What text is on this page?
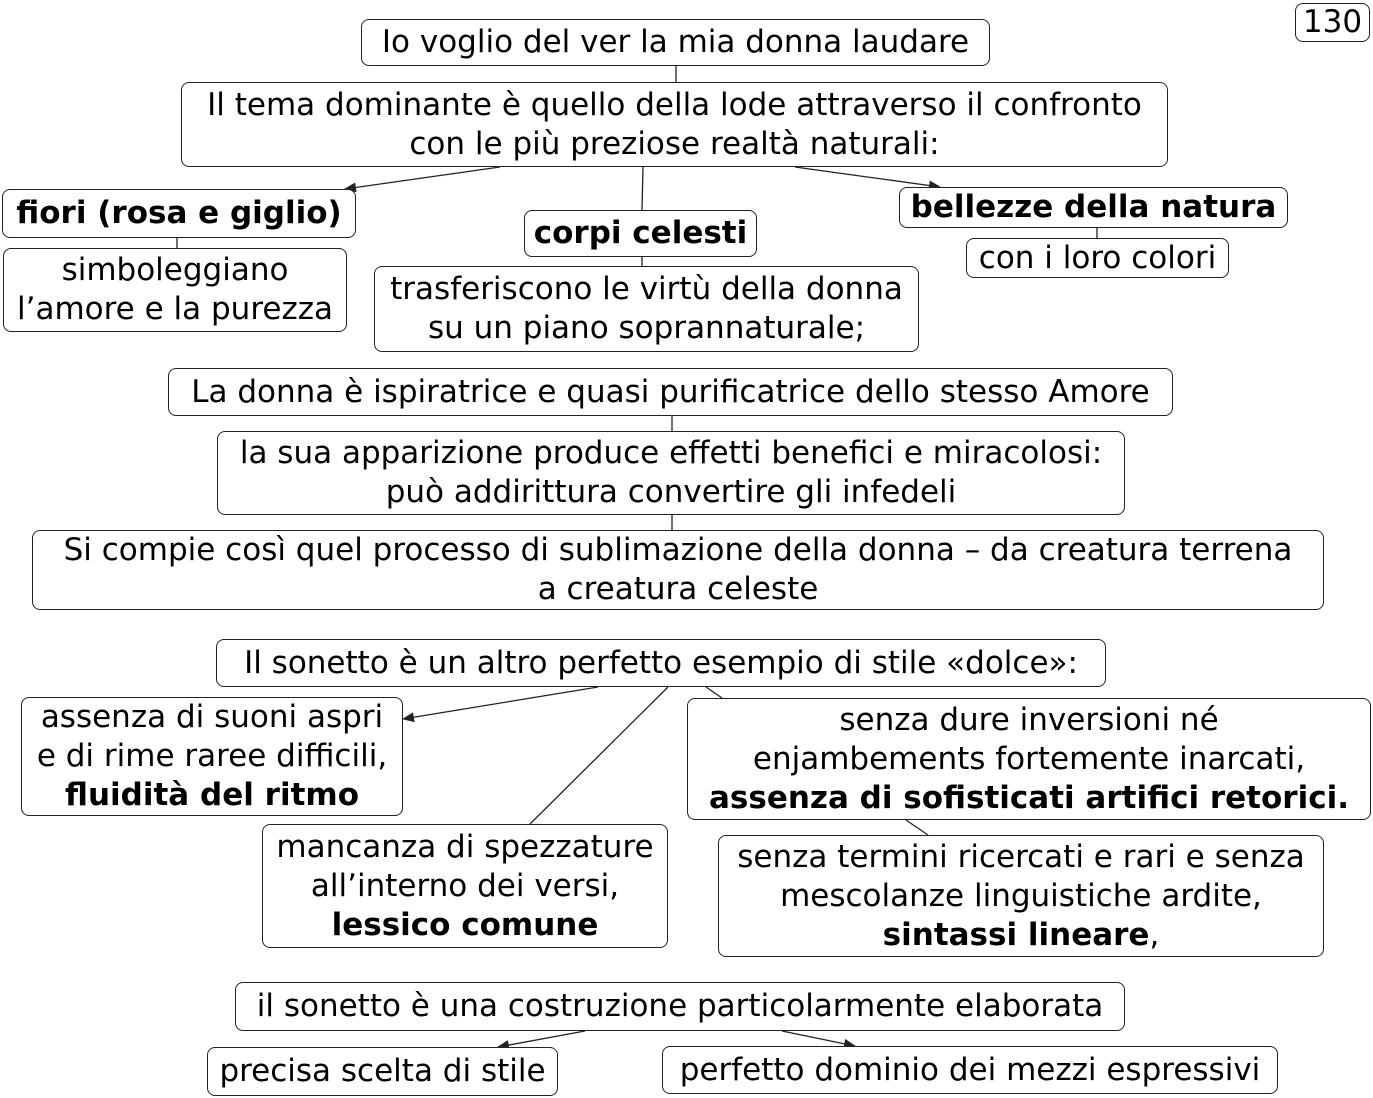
130
Io voglio del ver la mia donna laudare
Il tema dominante è quello della lode attraverso il confronto
con le più preziose realtà naturali:
fiori (rosa e giglio)
simboleggiano
l’amore e la purezza
corpi celesti
trasferiscono le virtù della donna
su un piano soprannaturale;
bellezze della natura
con i loro colori
La donna è ispiratrice e quasi purificatrice dello stesso Amore
la sua apparizione produce effetti benefici e miracolosi:
può addirittura convertire gli infedeli
Si compie così quel processo di sublimazione della donna – da creatura terrena
a creatura celeste
Il sonetto è un altro perfetto esempio di stile «dolce»:
assenza di suoni aspri
e di rime raree difficili,
fluidità del ritmo
senza dure inversioni né
enjambements fortemente inarcati,
assenza di sofisticati artifici retorici.
mancanza di spezzature
all’interno dei versi,
lessico comune
senza termini ricercati e rari e senza
mescolanze linguistiche ardite,
sintassi lineare,
il sonetto è una costruzione particolarmente elaborata
precisa scelta di stile	perfetto dominio dei mezzi espressivi
